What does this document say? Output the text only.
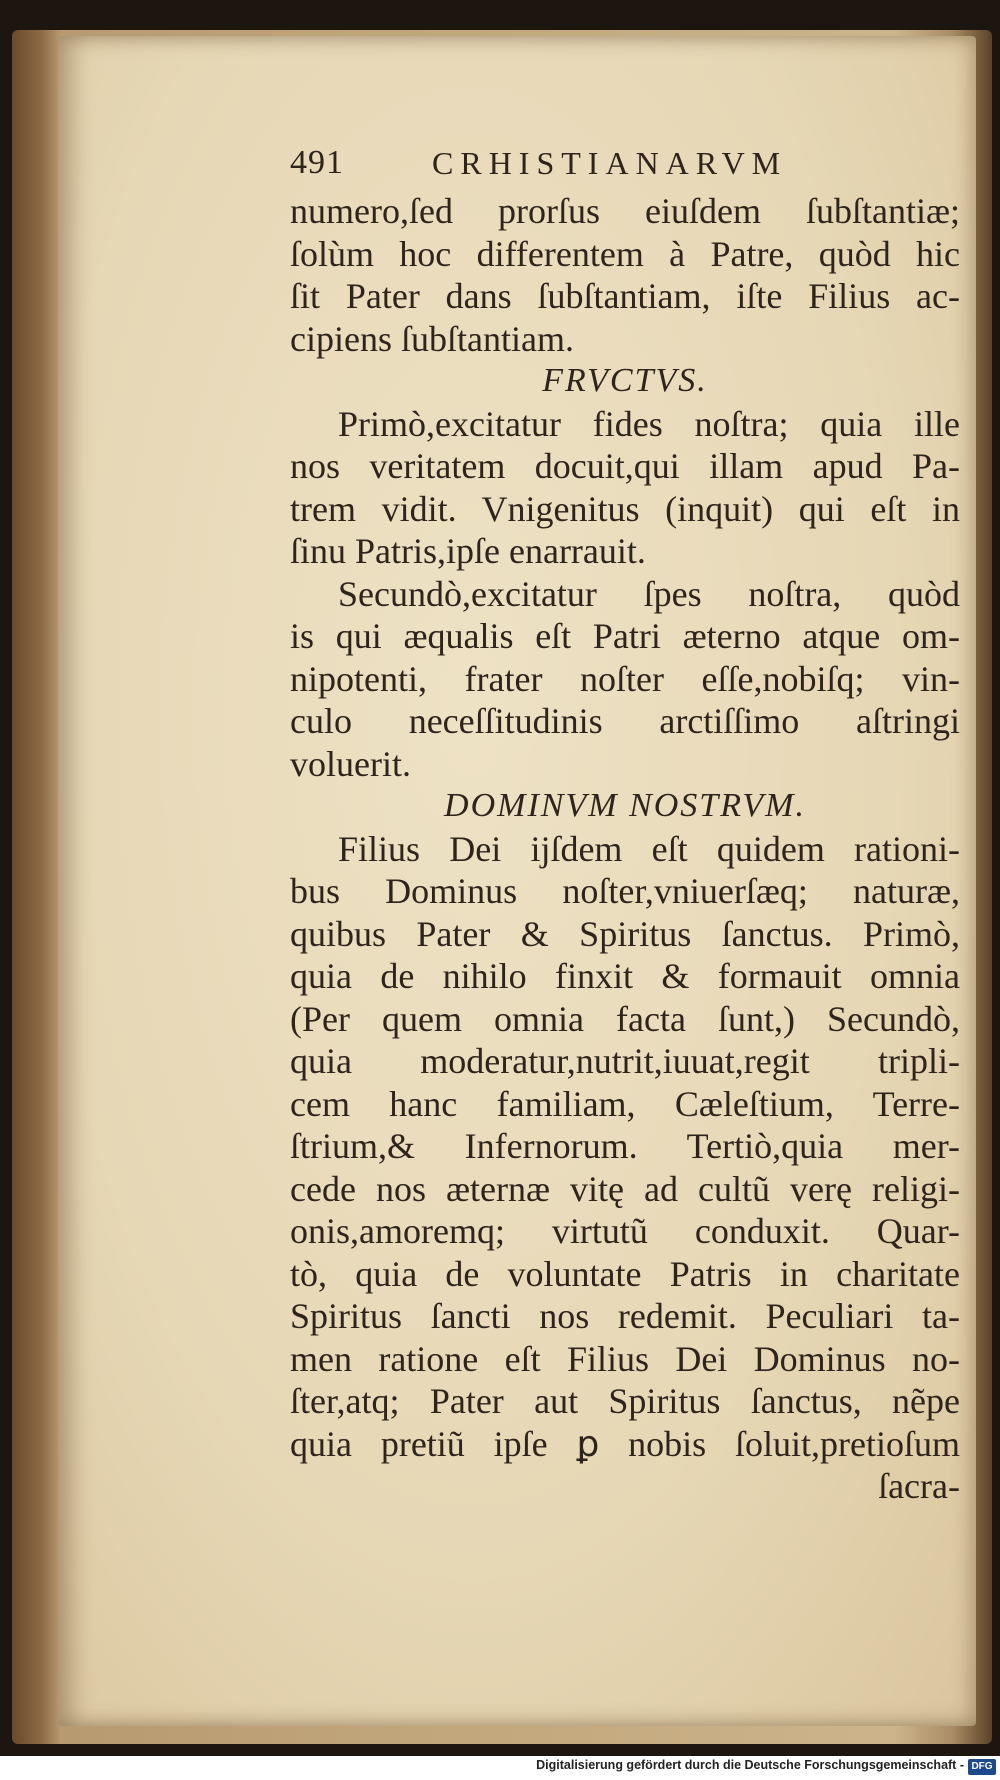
491	CRHISTIANARVM
numero,ſed prorſus eiuſdem ſubſtantiæ;
ſolùm hoc differentem à Patre, quòd hic
ſit Pater dans ſubſtantiam, iſte Filius ac-
cipiens ſubſtantiam.
FRVCTVS.
Primò,excitatur fides noſtra; quia ille
nos veritatem docuit,qui illam apud Pa-
trem vidit. Vnigenitus (inquit) qui eſt in
ſinu Patris,ipſe enarrauit.
Secundò,excitatur ſpes noſtra, quòd
is qui æqualis eſt Patri æterno atque om-
nipotenti, frater noſter eſſe,nobiſq; vin-
culo neceſſitudinis arctiſſimo aſtringi
voluerit.
DOMINVM NOSTRVM.
Filius Dei ijſdem eſt quidem rationi-
bus Dominus noſter,vniuerſæq; naturæ,
quibus Pater & Spiritus ſanctus. Primò,
quia de nihilo finxit & formauit omnia
(Per quem omnia facta ſunt,) Secundò,
quia moderatur,nutrit,iuuat,regit tripli-
cem hanc familiam, Cæleſtium, Terre-
ſtrium,& Infernorum. Tertiò,quia mer-
cede nos æternæ vitę ad cultũ verę religi-
onis,amoremq; virtutũ conduxit. Quar-
tò, quia de voluntate Patris in charitate
Spiritus ſancti nos redemit. Peculiari ta-
men ratione eſt Filius Dei Dominus no-
ſter,atq; Pater aut Spiritus ſanctus, nẽpe
quia pretiũ ipſe ꝑ nobis ſoluit,pretioſum
ſacra-
Digitalisierung gefördert durch die Deutsche Forschungsgemeinschaft - DFG
